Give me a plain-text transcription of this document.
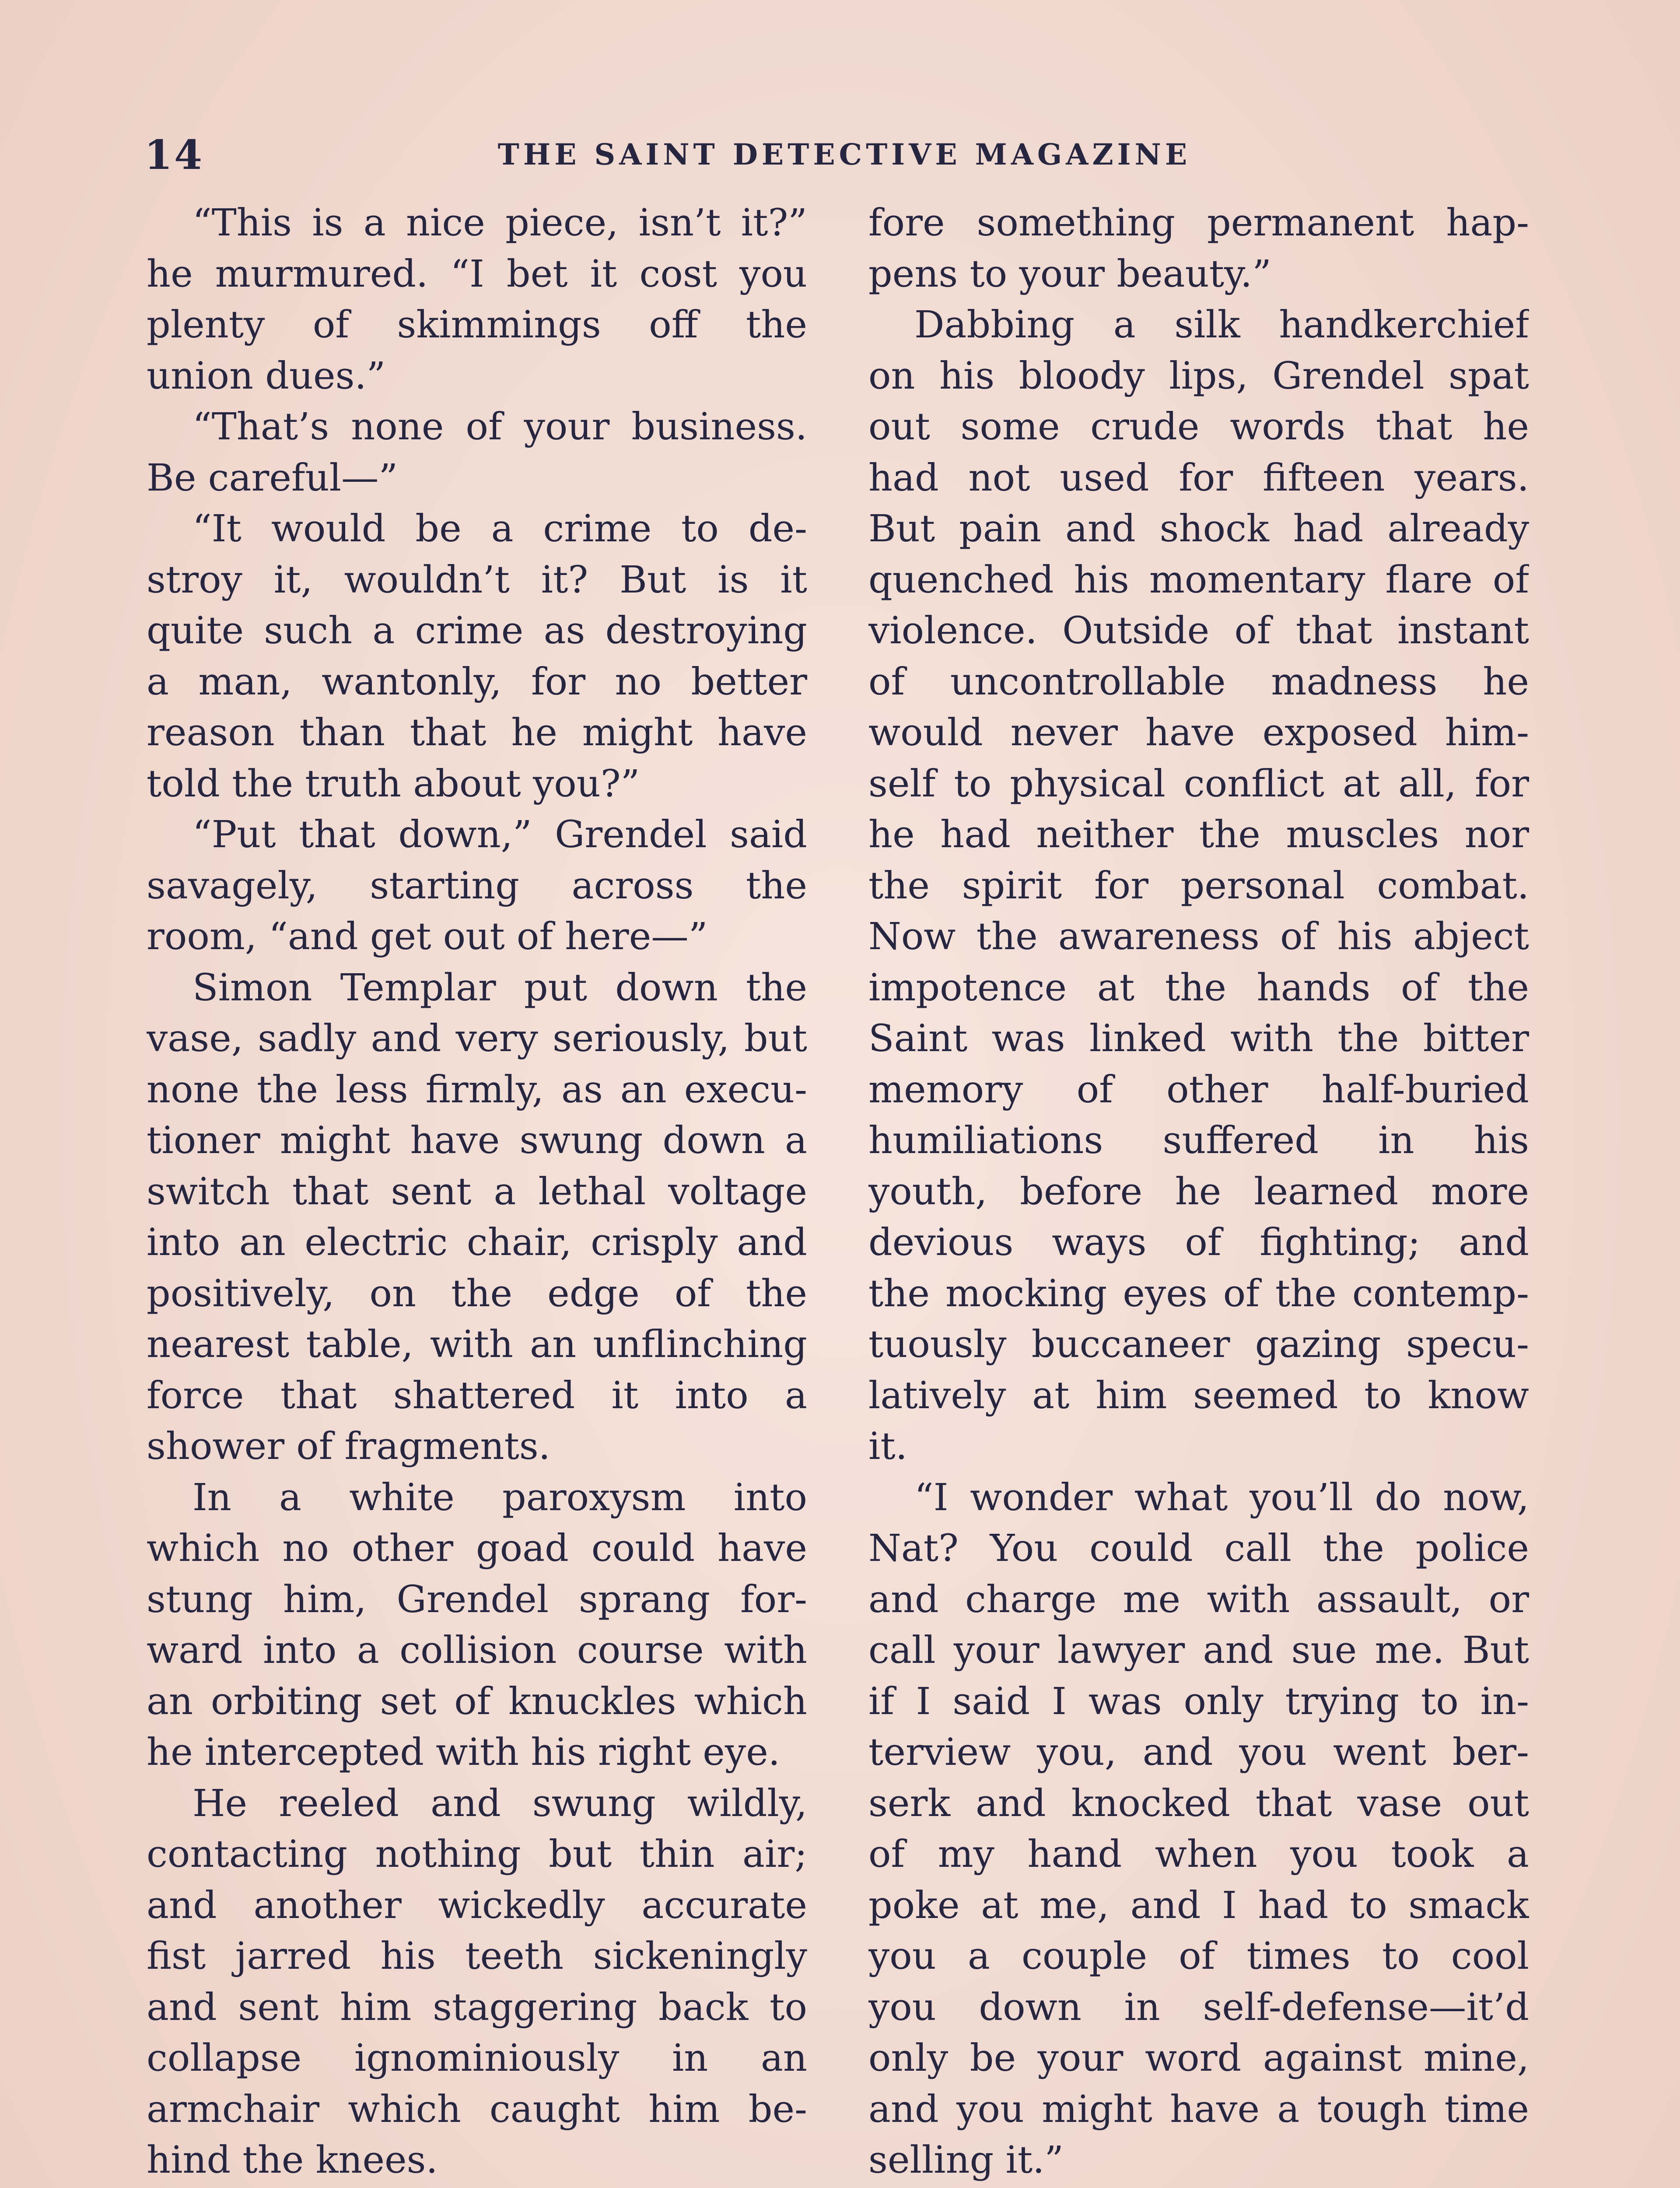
14	THE SAINT DETECTIVE MAGAZINE
“This is a nice piece, isn’t it?”
he murmured. “I bet it cost you
plenty of skimmings off the
union dues.”
“That’s none of your business.
Be careful—”
“It would be a crime to de-
stroy it, wouldn’t it? But is it
quite such a crime as destroying
a man, wantonly, for no better
reason than that he might have
told the truth about you?”
“Put that down,” Grendel said
savagely, starting across the
room, “and get out of here—”
Simon Templar put down the
vase, sadly and very seriously, but
none the less firmly, as an execu-
tioner might have swung down a
switch that sent a lethal voltage
into an electric chair, crisply and
positively, on the edge of the
nearest table, with an unflinching
force that shattered it into a
shower of fragments.
In a white paroxysm into
which no other goad could have
stung him, Grendel sprang for-
ward into a collision course with
an orbiting set of knuckles which
he intercepted with his right eye.
He reeled and swung wildly,
contacting nothing but thin air;
and another wickedly accurate
fist jarred his teeth sickeningly
and sent him staggering back to
collapse ignominiously in an
armchair which caught him be-
hind the knees.
fore something permanent hap-
pens to your beauty.”
Dabbing a silk handkerchief
on his bloody lips, Grendel spat
out some crude words that he
had not used for fifteen years.
But pain and shock had already
quenched his momentary flare of
violence. Outside of that instant
of uncontrollable madness he
would never have exposed him-
self to physical conflict at all, for
he had neither the muscles nor
the spirit for personal combat.
Now the awareness of his abject
impotence at the hands of the
Saint was linked with the bitter
memory of other half-buried
humiliations suffered in his
youth, before he learned more
devious ways of fighting; and
the mocking eyes of the contemp-
tuously buccaneer gazing specu-
latively at him seemed to know
it.
“I wonder what you’ll do now,
Nat? You could call the police
and charge me with assault, or
call your lawyer and sue me. But
if I said I was only trying to in-
terview you, and you went ber-
serk and knocked that vase out
of my hand when you took a
poke at me, and I had to smack
you a couple of times to cool
you down in self-defense—it’d
only be your word against mine,
and you might have a tough time
selling it.”
